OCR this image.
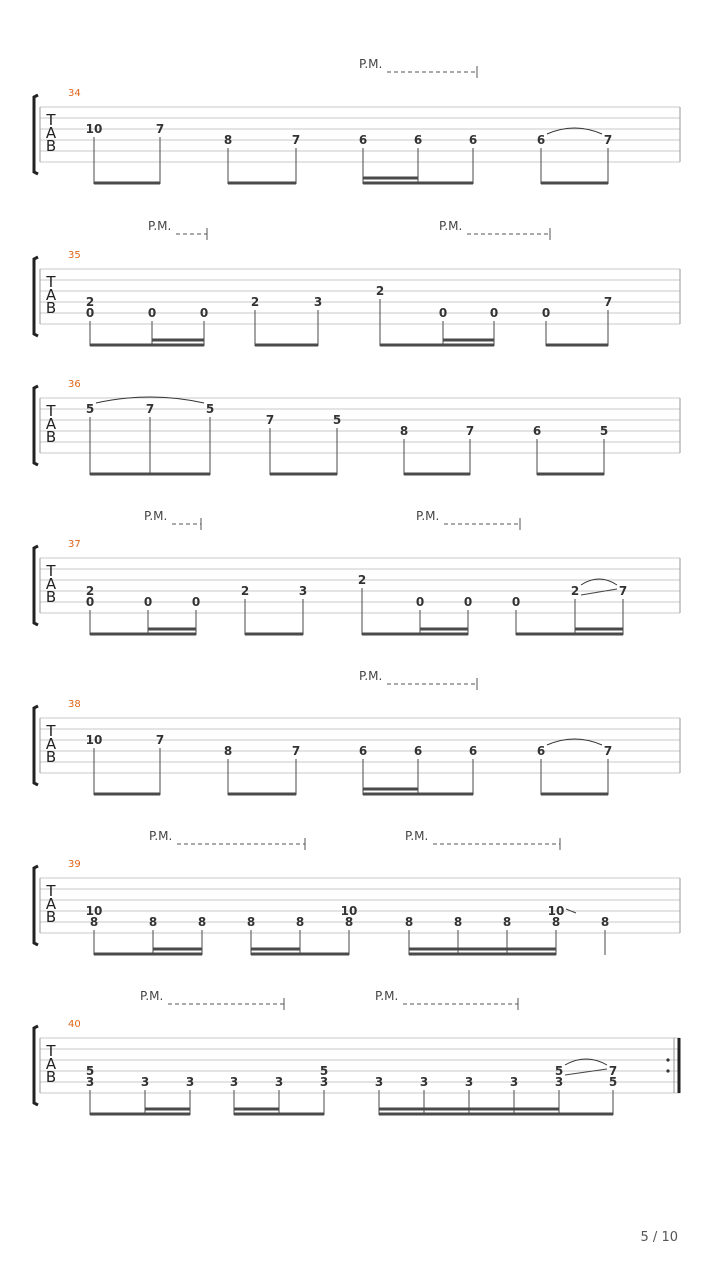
T
A
B
34
P.M.
10	7
8	7	6	6	6	6	7
T
A
B
35
P.M.	P.M.
2
0	0	0
2	3
2
0	0	0
7
T
A
B
36
5	7	5
7	5
8	7	6	5
T
A
B
37
P.M.	P.M.
2
0	0	0
2	3
2
0	0	0
2	7
T
A
B
38
P.M.
10	7
8	7	6	6	6	6	7
T
A
B
39
P.M.	P.M.
10
8	8	8	8	8
10
8	8	8	8	8
10
8
T
A
B
40
P.M.	P.M.
5
3	3	3	3	3
5
3	3	3	3	3
5
3
7
5
5 / 10
